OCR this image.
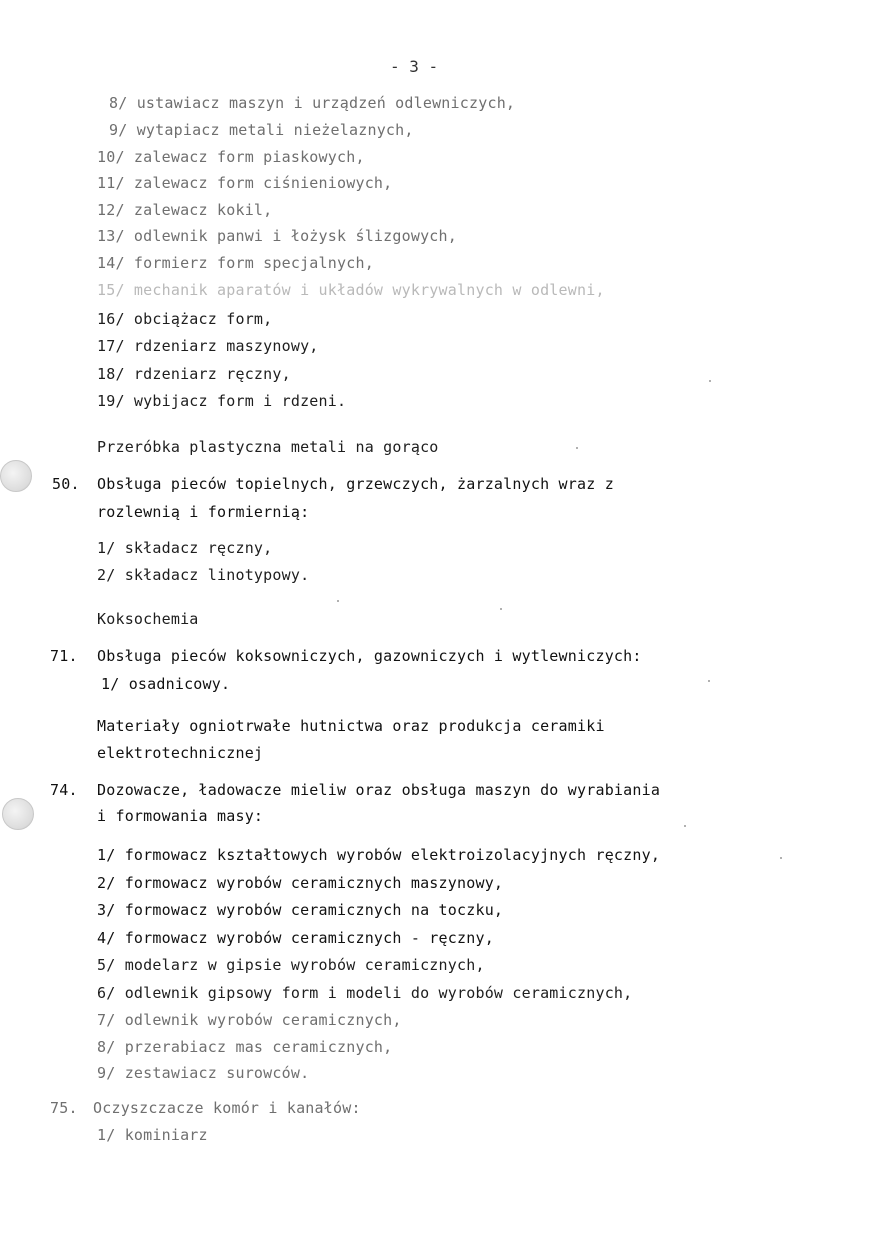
- 3 -
8/ ustawiacz maszyn i urządzeń odlewniczych,
9/ wytapiacz metali nieżelaznych,
10/ zalewacz form piaskowych,
11/ zalewacz form ciśnieniowych,
12/ zalewacz kokil,
13/ odlewnik panwi i łożysk ślizgowych,
14/ formierz form specjalnych,
15/ mechanik aparatów i układów wykrywalnych w odlewni,
16/ obciążacz form,
17/ rdzeniarz maszynowy,
18/ rdzeniarz ręczny,
19/ wybijacz form i rdzeni.
Przeróbka plastyczna metali na gorąco
50. Obsługa pieców topielnych, grzewczych, żarzalnych wraz z
rozlewnią i formiernią:
1/ składacz ręczny,
2/ składacz linotypowy.
Koksochemia
71. Obsługa pieców koksowniczych, gazowniczych i wytlewniczych:
1/ osadnicowy.
Materiały ogniotrwałe hutnictwa oraz produkcja ceramiki
elektrotechnicznej
74. Dozowacze, ładowacze mieliw oraz obsługa maszyn do wyrabiania
i formowania masy:
1/ formowacz kształtowych wyrobów elektroizolacyjnych ręczny,
2/ formowacz wyrobów ceramicznych maszynowy,
3/ formowacz wyrobów ceramicznych na toczku,
4/ formowacz wyrobów ceramicznych - ręczny,
5/ modelarz w gipsie wyrobów ceramicznych,
6/ odlewnik gipsowy form i modeli do wyrobów ceramicznych,
7/ odlewnik wyrobów ceramicznych,
8/ przerabiacz mas ceramicznych,
9/ zestawiacz surowców.
75. Oczyszczacze komór i kanałów:
1/ kominiarz
